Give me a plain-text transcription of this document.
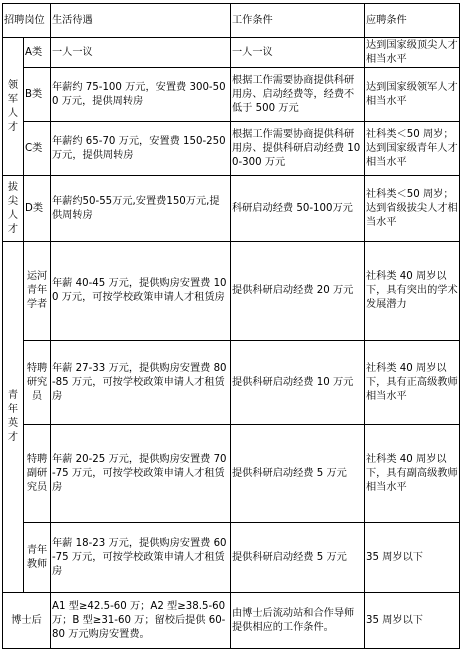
招聘岗位		生活待遇	工作条件	应聘条件

领军人才	A类	一人一议	一人一议	达到国家级顶尖人才相当水平
	B类	年薪约 75-100 万元，安置费 300-500 万元，提供周转房	根据工作需要协商提供科研用房、启动经费等，经费不低于 500 万元	达到国家级领军人才相当水平
	C类	年薪约 65-70 万元，安置费 150-250 万元，提供周转房	根据工作需要协商提供科研用房、提供科研启动经费 100-300 万元	社科类＜50 周岁；达到国家级青年人才相当水平

拔尖人才	D类	年薪约50-55万元,安置费150万元,提供周转房	科研启动经费 50-100万元	社科类＜50 周岁；达到省级拔尖人才相当水平

青年英才	运河青年学者	年薪 40-45 万元，提供购房安置费 100 万元，可按学校政策申请人才租赁房	提供科研启动经费 20 万元	社科类 40 周岁以下，具有突出的学术发展潜力

	特聘研究员	年薪 27-33 万元，提供购房安置费 80-85 万元，可按学校政策申请人才租赁房	提供科研启动经费 10 万元	社科类 40 周岁以下，具有正高级教师相当水平

	特聘副研究员	年薪 20-25 万元，提供购房安置费 70-75 万元，可按学校政策申请人才租赁房	提供科研启动经费 5 万元	社科类 40 周岁以下，具有副高级教师相当水平

	青年教师	年薪 18-23 万元，提供购房安置费 60-75 万元，可按学校政策申请人才租赁房	提供科研启动经费 5 万元	35 周岁以下
博士后		A1 型≥42.5-60 万；A2 型≥38.5-60 万；B 型≥31-60 万；留校后提供 60-80 万元购房安置费。	由博士后流动站和合作导师提供相应的工作条件。	35 周岁以下
